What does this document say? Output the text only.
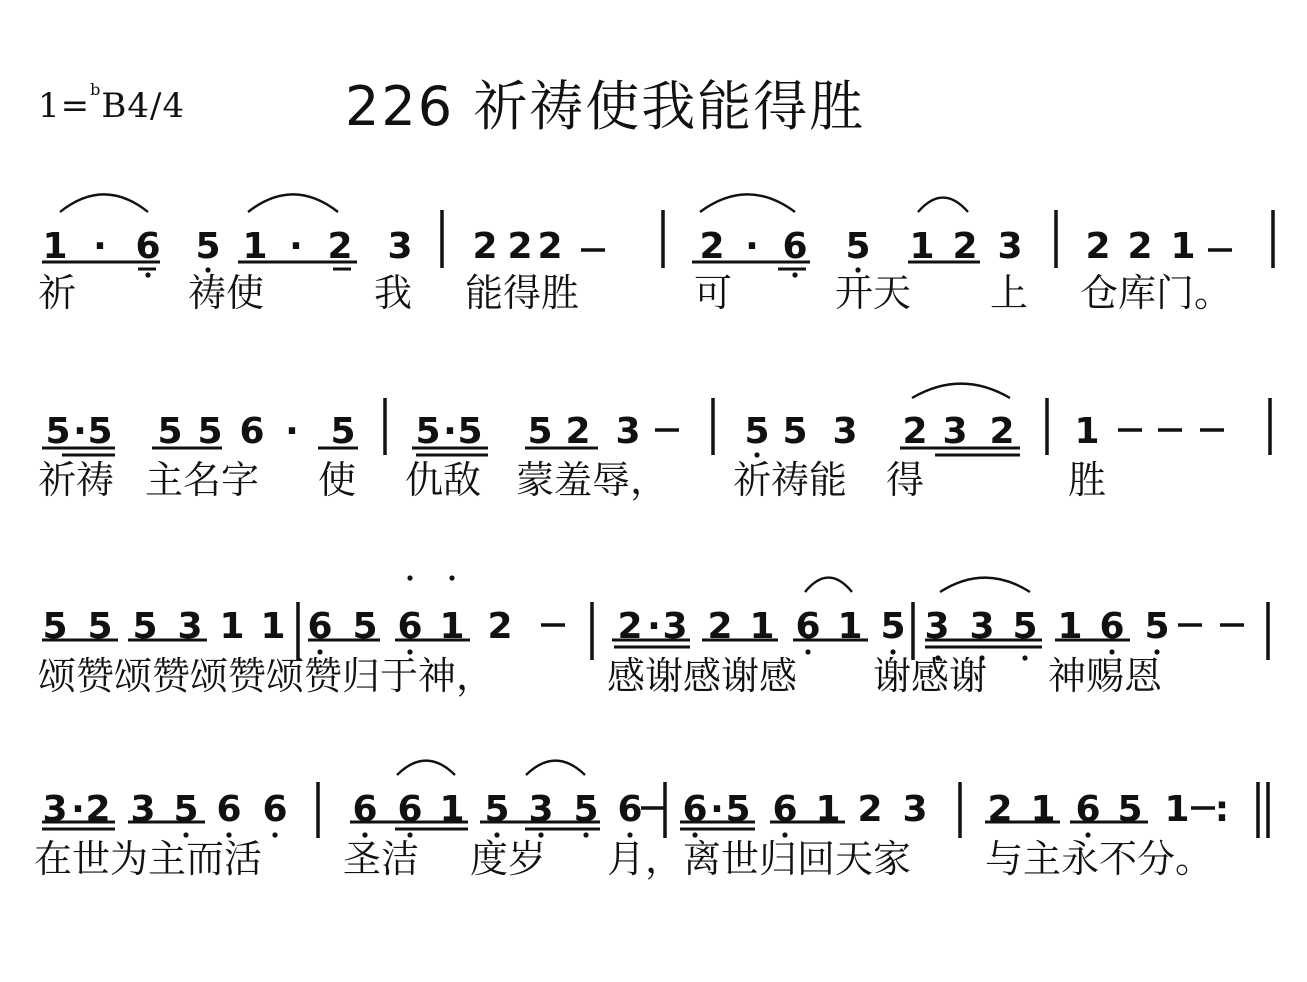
1=$^b$B4/4	226 祈祷使我能得胜
1 · 6 5 1 · 2 3 2 2 2	2 · 6 5 1 2 3 2 2 1
5 · 5 5 5 6 · 5 5 · 5 5 2 3	5 5 3 2 3 2 1
5 5 5 3 1 1 6 5 6 1 2	2 · 3 2 1 6 1 5 3 3 5 1 6 5
3 · 2 3 5 6 6 6 6 1 5 3 5 6 6 · 5 6 1 2 3 2 1 6 5 1 :
祈	祷使	我 能得胜	可	开天 上 仓库门。
祈祷 主名字 使 仇敌 蒙羞辱， 祈祷能 得	胜
颂赞颂赞颂赞颂赞归于神，	感谢感谢感 谢感谢 神赐恩
在世为主而活 圣洁 度岁 月，离世归回天家 与主永不分。
